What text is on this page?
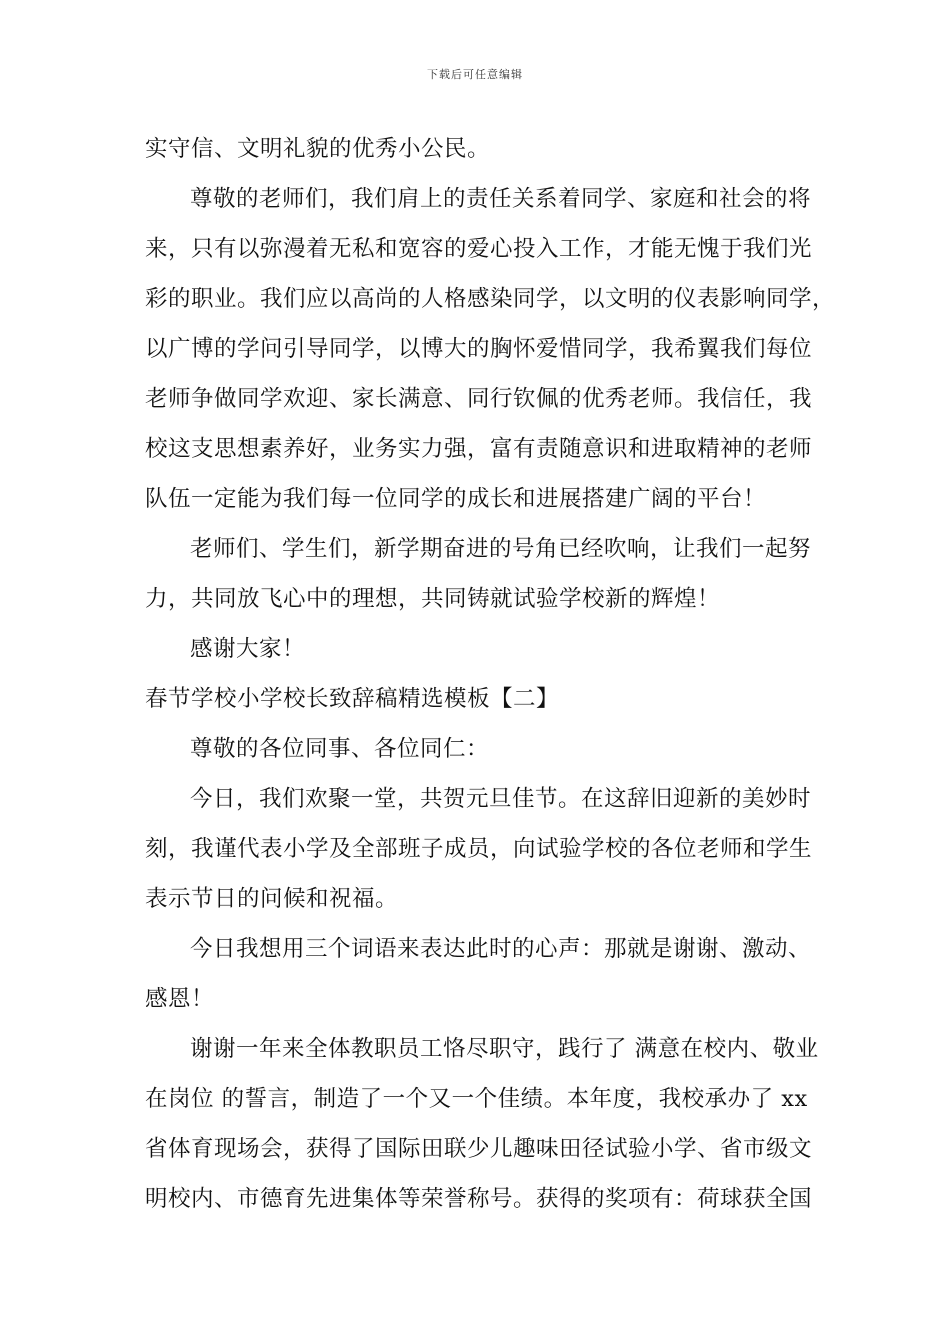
下载后可任意编辑
实守信、文明礼貌的优秀小公民。
尊敬的老师们，我们肩上的责任关系着同学、家庭和社会的将
来，只有以弥漫着无私和宽容的爱心投入工作，才能无愧于我们光
彩的职业。我们应以高尚的人格感染同学，以文明的仪表影响同学，
以广博的学问引导同学，以博大的胸怀爱惜同学，我希翼我们每位
老师争做同学欢迎、家长满意、同行钦佩的优秀老师。我信任，我
校这支思想素养好，业务实力强，富有责随意识和进取精神的老师
队伍一定能为我们每一位同学的成长和进展搭建广阔的平台！
老师们、学生们，新学期奋进的号角已经吹响，让我们一起努
力，共同放飞心中的理想，共同铸就试验学校新的辉煌！
感谢大家！
春节学校小学校长致辞稿精选模板【二】
尊敬的各位同事、各位同仁：
今日，我们欢聚一堂，共贺元旦佳节。在这辞旧迎新的美妙时
刻，我谨代表小学及全部班子成员，向试验学校的各位老师和学生
表示节日的问候和祝福。
今日我想用三个词语来表达此时的心声：那就是谢谢、激动、
感恩！
谢谢一年来全体教职员工恪尽职守，践行了 满意在校内、敬业
在岗位 的誓言，制造了一个又一个佳绩。本年度，我校承办了 xx
省体育现场会，获得了国际田联少儿趣味田径试验小学、省市级文
明校内、市德育先进集体等荣誉称号。获得的奖项有：荷球获全国
